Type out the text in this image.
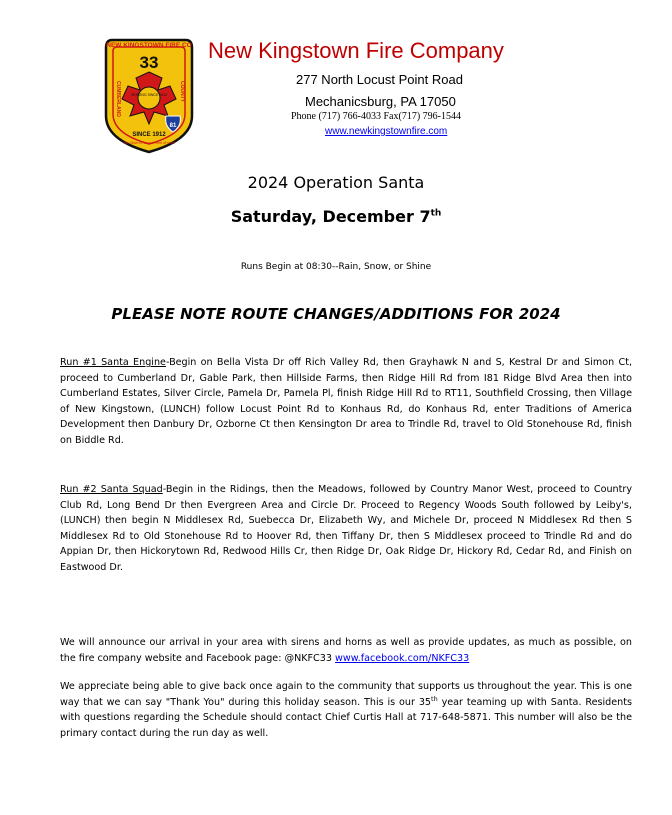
NEW KINGSTOWN FIRE CO
33
SERVING SINCE 1912
CUMBERLAND	COUNTY
81
SINCE 1912
We Strive to save in time of need
New Kingstown Fire Company
277 North Locust Point Road
Mechanicsburg, PA 17050
Phone (717) 766-4033 Fax(717) 796-1544
www.newkingstownfire.com
2024 Operation Santa
Saturday, December 7th
Runs Begin at 08:30--Rain, Snow, or Shine
PLEASE NOTE ROUTE CHANGES/ADDITIONS FOR 2024
Run #1 Santa Engine-Begin on Bella Vista Dr off Rich Valley Rd, then Grayhawk N and S, Kestral Dr and Simon Ct, proceed to Cumberland Dr, Gable Park, then Hillside Farms, then Ridge Hill Rd from I81 Ridge Blvd Area then into Cumberland Estates, Silver Circle, Pamela Dr, Pamela Pl, finish Ridge Hill Rd to RT11, Southfield Crossing, then Village of New Kingstown, (LUNCH) follow Locust Point Rd to Konhaus Rd, do Konhaus Rd, enter Traditions of America Development then Danbury Dr, Ozborne Ct then Kensington Dr area to Trindle Rd, travel to Old Stonehouse Rd, finish on Biddle Rd.
Run #2 Santa Squad-Begin in the Ridings, then the Meadows, followed by Country Manor West, proceed to Country Club Rd, Long Bend Dr then Evergreen Area and Circle Dr. Proceed to Regency Woods South followed by Leiby's, (LUNCH) then begin N Middlesex Rd, Suebecca Dr, Elizabeth Wy, and Michele Dr, proceed N Middlesex Rd then S Middlesex Rd to Old Stonehouse Rd to Hoover Rd, then Tiffany Dr, then S Middlesex proceed to Trindle Rd and do Appian Dr, then Hickorytown Rd, Redwood Hills Cr, then Ridge Dr, Oak Ridge Dr, Hickory Rd, Cedar Rd, and Finish on Eastwood Dr.
We will announce our arrival in your area with sirens and horns as well as provide updates, as much as possible, on the fire company website and Facebook page: @NKFC33 www.facebook.com/NKFC33
We appreciate being able to give back once again to the community that supports us throughout the year. This is one way that we can say "Thank You" during this holiday season. This is our 35th year teaming up with Santa. Residents with questions regarding the Schedule should contact Chief Curtis Hall at 717-648-5871. This number will also be the primary contact during the run day as well.
